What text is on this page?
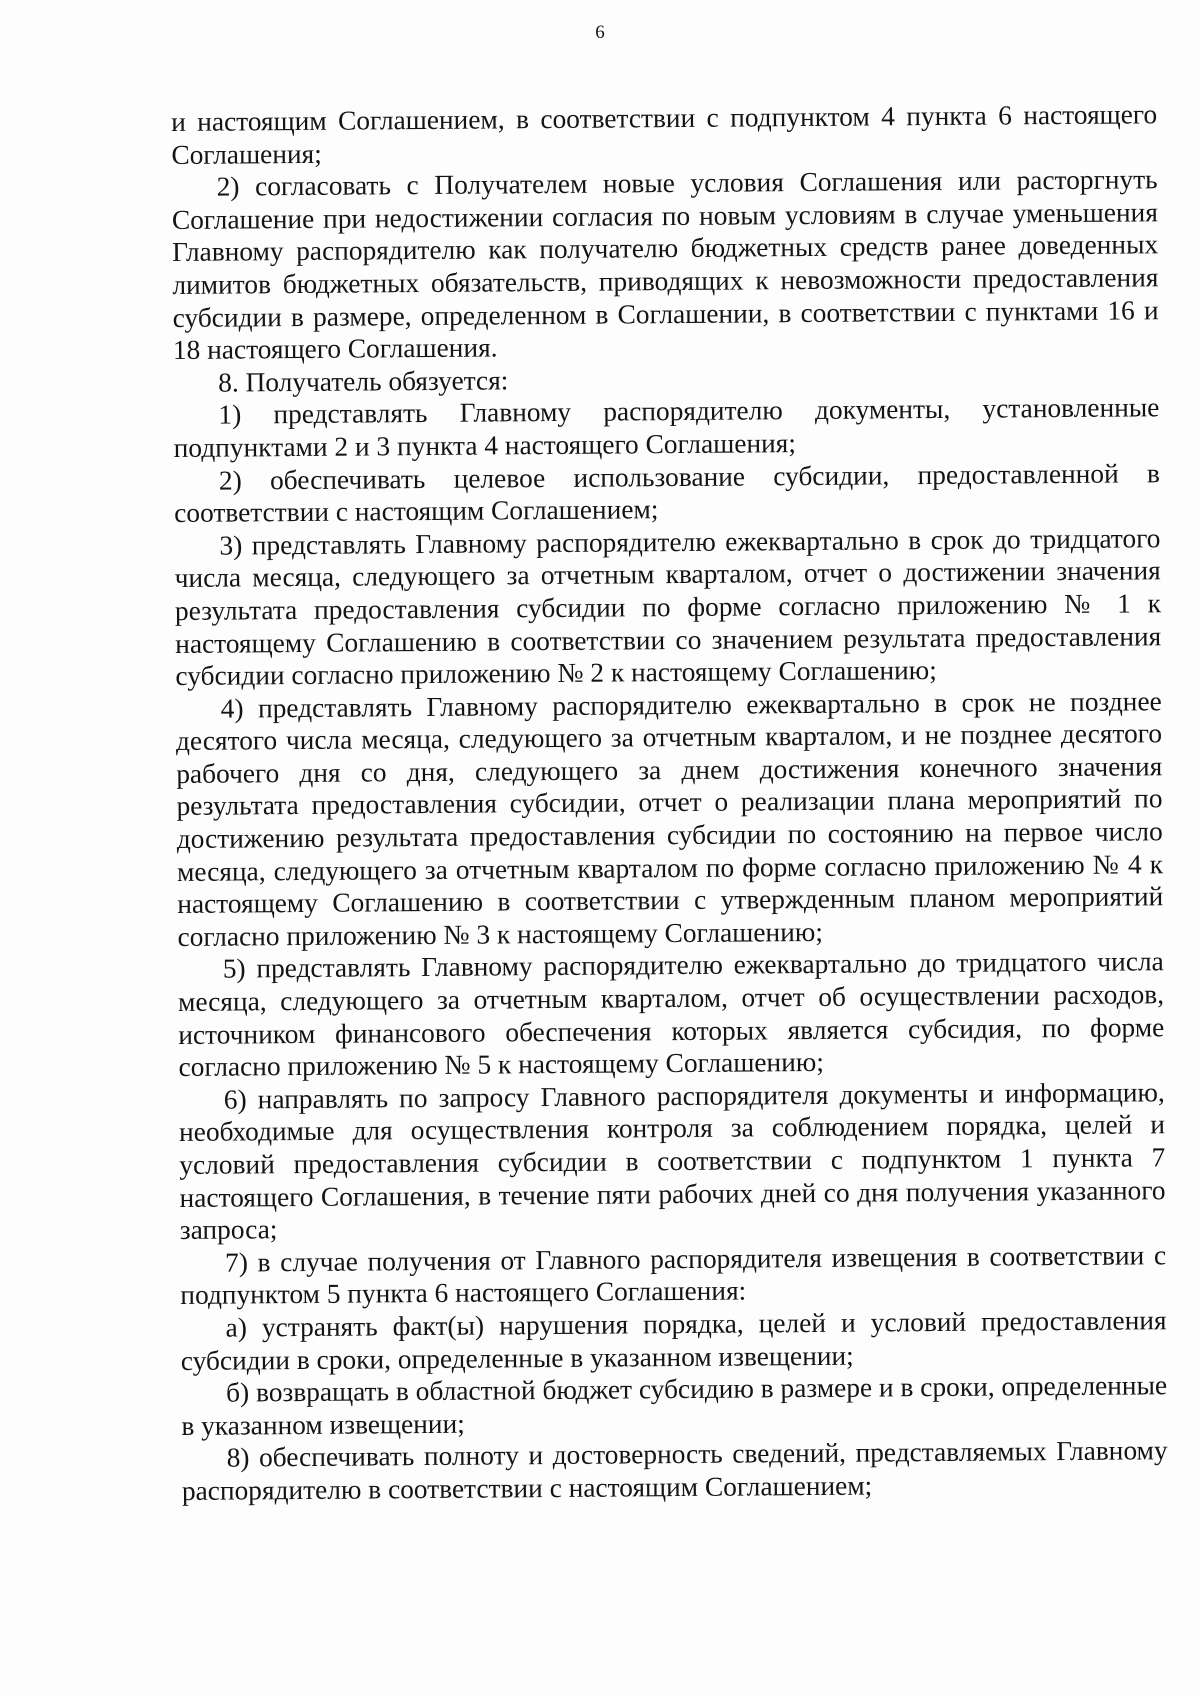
6

и настоящим Соглашением, в соответствии с подпунктом 4 пункта 6 настоящего Соглашения;

2) согласовать с Получателем новые условия Соглашения или расторгнуть Соглашение при недостижении согласия по новым условиям в случае уменьшения Главному распорядителю как получателю бюджетных средств ранее доведенных лимитов бюджетных обязательств, приводящих к невозможности предоставления субсидии в размере, определенном в Соглашении, в соответствии с пунктами 16 и 18 настоящего Соглашения.

8. Получатель обязуется:

1) представлять Главному распорядителю документы, установленные подпунктами 2 и 3 пункта 4 настоящего Соглашения;

2) обеспечивать целевое использование субсидии, предоставленной в соответствии с настоящим Соглашением;

3) представлять Главному распорядителю ежеквартально в срок до тридцатого числа месяца, следующего за отчетным кварталом, отчет о достижении значения результата предоставления субсидии по форме согласно приложению № 1 к настоящему Соглашению в соответствии со значением результата предоставления субсидии согласно приложению № 2 к настоящему Соглашению;

4) представлять Главному распорядителю ежеквартально в срок не позднее десятого числа месяца, следующего за отчетным кварталом, и не позднее десятого рабочего дня со дня, следующего за днем достижения конечного значения результата предоставления субсидии, отчет о реализации плана мероприятий по достижению результата предоставления субсидии по состоянию на первое число месяца, следующего за отчетным кварталом по форме согласно приложению № 4 к настоящему Соглашению в соответствии с утвержденным планом мероприятий согласно приложению № 3 к настоящему Соглашению;

5) представлять Главному распорядителю ежеквартально до тридцатого числа месяца, следующего за отчетным кварталом, отчет об осуществлении расходов, источником финансового обеспечения которых является субсидия, по форме согласно приложению № 5 к настоящему Соглашению;

6) направлять по запросу Главного распорядителя документы и информацию, необходимые для осуществления контроля за соблюдением порядка, целей и условий предоставления субсидии в соответствии с подпунктом 1 пункта 7 настоящего Соглашения, в течение пяти рабочих дней со дня получения указанного запроса;

7) в случае получения от Главного распорядителя извещения в соответствии с подпунктом 5 пункта 6 настоящего Соглашения:

а) устранять факт(ы) нарушения порядка, целей и условий предоставления субсидии в сроки, определенные в указанном извещении;

б) возвращать в областной бюджет субсидию в размере и в сроки, определенные в указанном извещении;

8) обеспечивать полноту и достоверность сведений, представляемых Главному распорядителю в соответствии с настоящим Соглашением;
